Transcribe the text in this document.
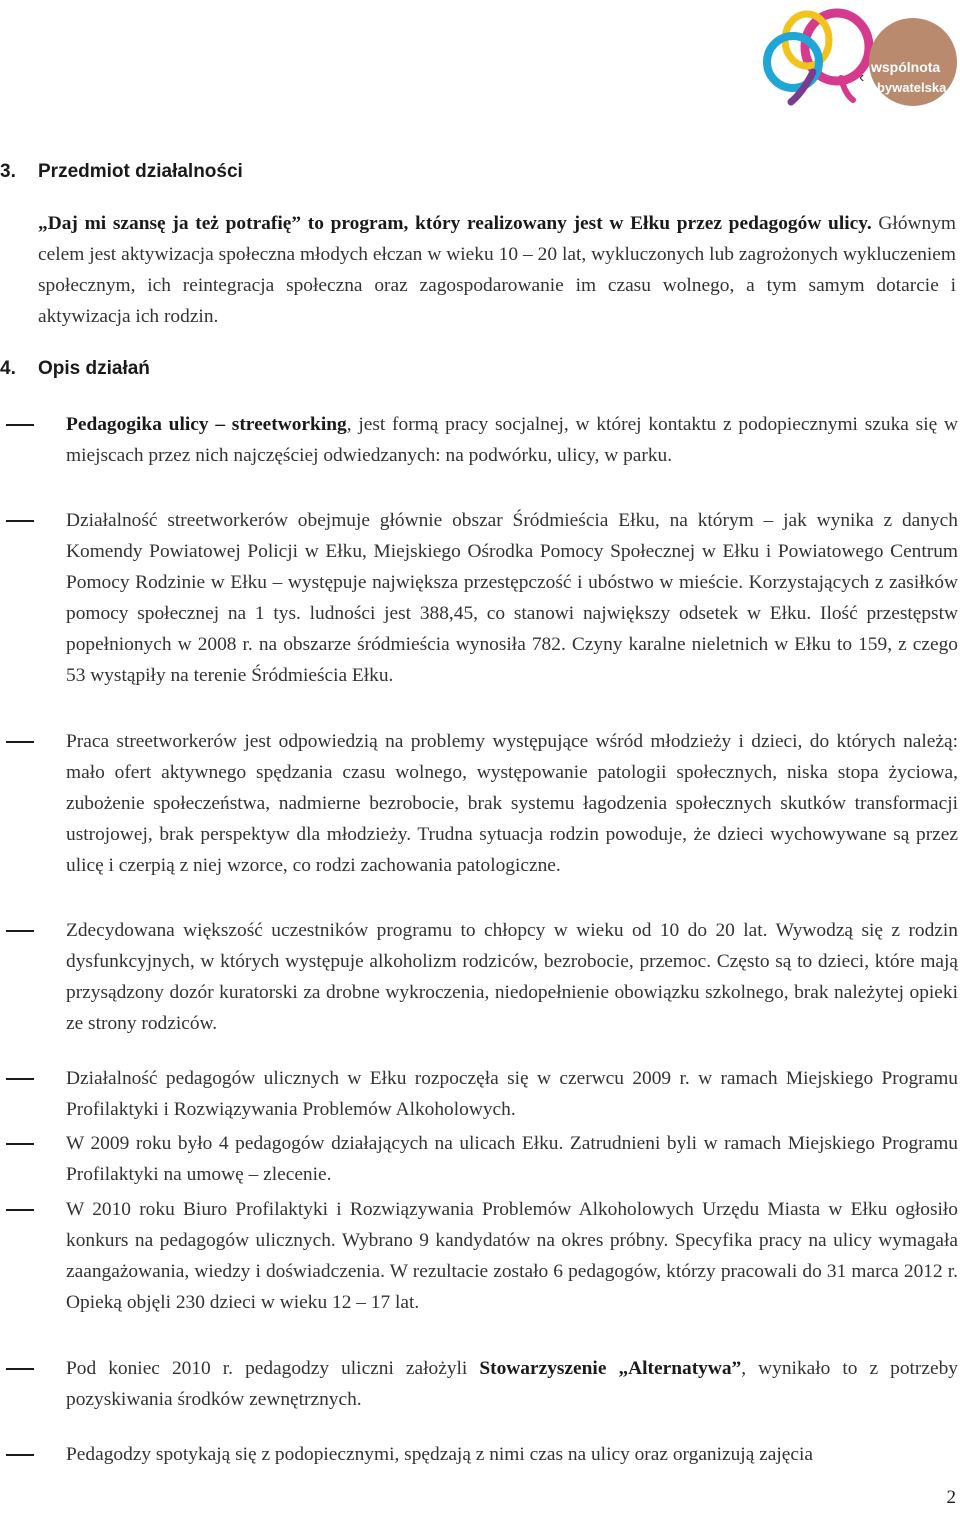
‹
wspólnota
obywatelska
3. Przedmiot działalności

„Daj mi szansę ja też potrafię” to program, który realizowany jest w Ełku przez pedagogów ulicy. Głównym celem jest aktywizacja społeczna młodych ełczan w wieku 10 – 20 lat, wykluczonych lub zagrożonych wykluczeniem społecznym, ich reintegracja społeczna oraz zagospodarowanie im czasu wolnego, a tym samym dotarcie i aktywizacja ich rodzin.

4. Opis działań

Pedagogika ulicy – streetworking, jest formą pracy socjalnej, w której kontaktu z podopiecznymi szuka się w miejscach przez nich najczęściej odwiedzanych: na podwórku, ulicy, w parku.

Działalność streetworkerów obejmuje głównie obszar Śródmieścia Ełku, na którym – jak wynika z danych Komendy Powiatowej Policji w Ełku, Miejskiego Ośrodka Pomocy Społecznej w Ełku i Powiatowego Centrum Pomocy Rodzinie w Ełku – występuje największa przestępczość i ubóstwo w mieście. Korzystających z zasiłków pomocy społecznej na 1 tys. ludności jest 388,45, co stanowi największy odsetek w Ełku. Ilość przestępstw popełnionych w 2008 r. na obszarze śródmieścia wynosiła 782. Czyny karalne nieletnich w Ełku to 159, z czego 53 wystąpiły na terenie Śródmieścia Ełku.

Praca streetworkerów jest odpowiedzią na problemy występujące wśród młodzieży i dzieci, do których należą: mało ofert aktywnego spędzania czasu wolnego, występowanie patologii społecznych, niska stopa życiowa, zubożenie społeczeństwa, nadmierne bezrobocie, brak systemu łagodzenia społecznych skutków transformacji ustrojowej, brak perspektyw dla młodzieży. Trudna sytuacja rodzin powoduje, że dzieci wychowywane są przez ulicę i czerpią z niej wzorce, co rodzi zachowania patologiczne.

Zdecydowana większość uczestników programu to chłopcy w wieku od 10 do 20 lat. Wywodzą się z rodzin dysfunkcyjnych, w których występuje alkoholizm rodziców, bezrobocie, przemoc. Często są to dzieci, które mają przysądzony dozór kuratorski za drobne wykroczenia, niedopełnienie obowiązku szkolnego, brak należytej opieki ze strony rodziców.

Działalność pedagogów ulicznych w Ełku rozpoczęła się w czerwcu 2009 r. w ramach Miejskiego Programu Profilaktyki i Rozwiązywania Problemów Alkoholowych.

W 2009 roku było 4 pedagogów działających na ulicach Ełku. Zatrudnieni byli w ramach Miejskiego Programu Profilaktyki na umowę – zlecenie.

W 2010 roku Biuro Profilaktyki i Rozwiązywania Problemów Alkoholowych Urzędu Miasta w Ełku ogłosiło konkurs na pedagogów ulicznych. Wybrano 9 kandydatów na okres próbny. Specyfika pracy na ulicy wymagała zaangażowania, wiedzy i doświadczenia. W rezultacie zostało 6 pedagogów, którzy pracowali do 31 marca 2012 r. Opieką objęli 230 dzieci w wieku 12 – 17 lat.

Pod koniec 2010 r. pedagodzy uliczni założyli Stowarzyszenie „Alternatywa”, wynikało to z potrzeby pozyskiwania środków zewnętrznych.

Pedagodzy spotykają się z podopiecznymi, spędzają z nimi czas na ulicy oraz organizują zajęcia

2
